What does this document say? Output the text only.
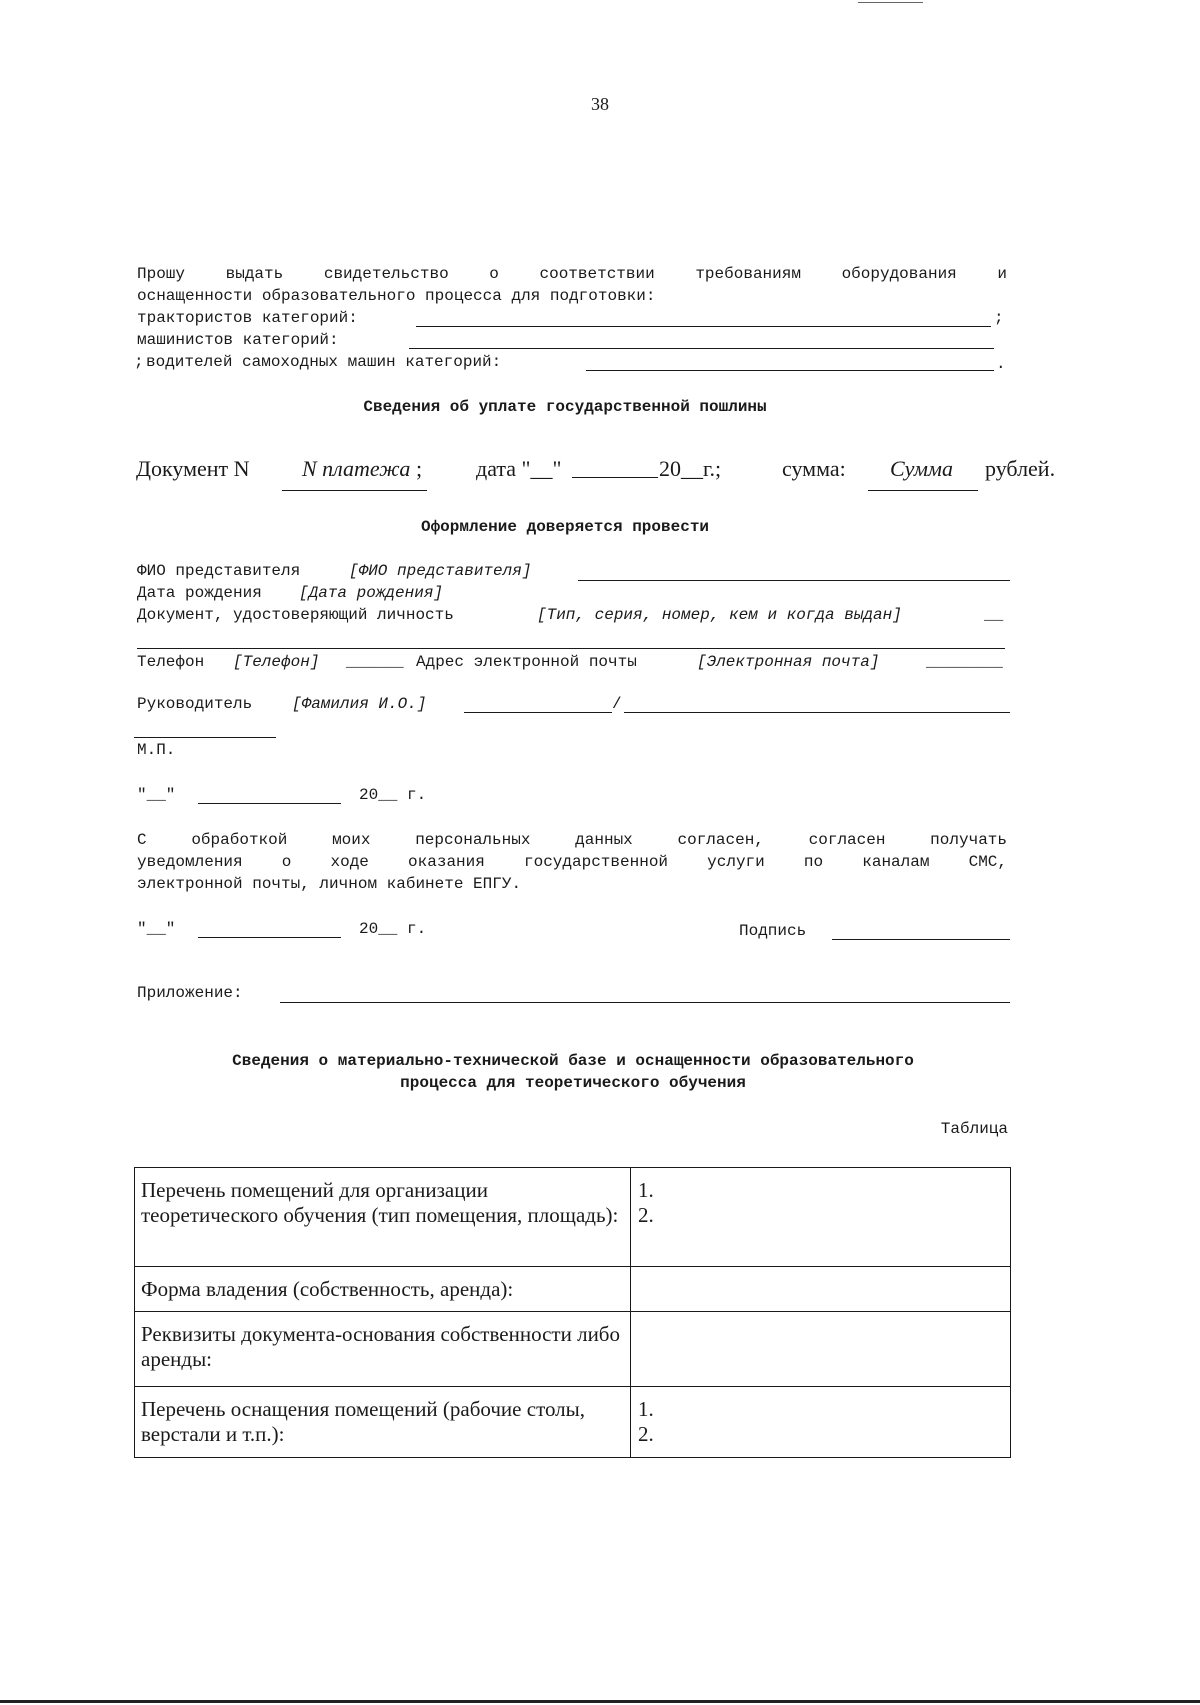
38
Прошу выдать свидетельство о соответствии требованиям оборудования и
оснащенности образовательного процесса для подготовки:
трактористов категорий:	;
машинистов категорий:
; водителей самоходных машин категорий:	.
Сведения об уплате государственной пошлины
Документ N N платежа ; дата "__"	20__г.;	сумма: Сумма рублей.
Оформление доверяется провести
ФИО представителя	[ФИО представителя]
Дата рождения [Дата рождения]
Документ, удостоверяющий личность	[Тип, серия, номер, кем и когда выдан]	__
Телефон [Телефон] ______ Адрес электронной почты	[Электронная почта]	________
Руководитель [Фамилия И.О.]	/
М.П.
"__"	20__ г.
С обработкой моих персональных данных согласен, согласен получать
уведомления о ходе оказания государственной услуги по каналам СМС,
электронной почты, личном кабинете ЕПГУ.
"__"	20__ г.	Подпись
Приложение:
Сведения о материально-технической базе и оснащенности образовательного
процесса для теоретического обучения
Таблица
Перечень помещений для организации теоретического обучения (тип помещения, площадь):	1.
2.

Форма владения (собственность, аренда):	
Реквизиты документа-основания собственности либо аренды:	
Перечень оснащения помещений (рабочие столы, верстали и т.п.):	1.
2.
